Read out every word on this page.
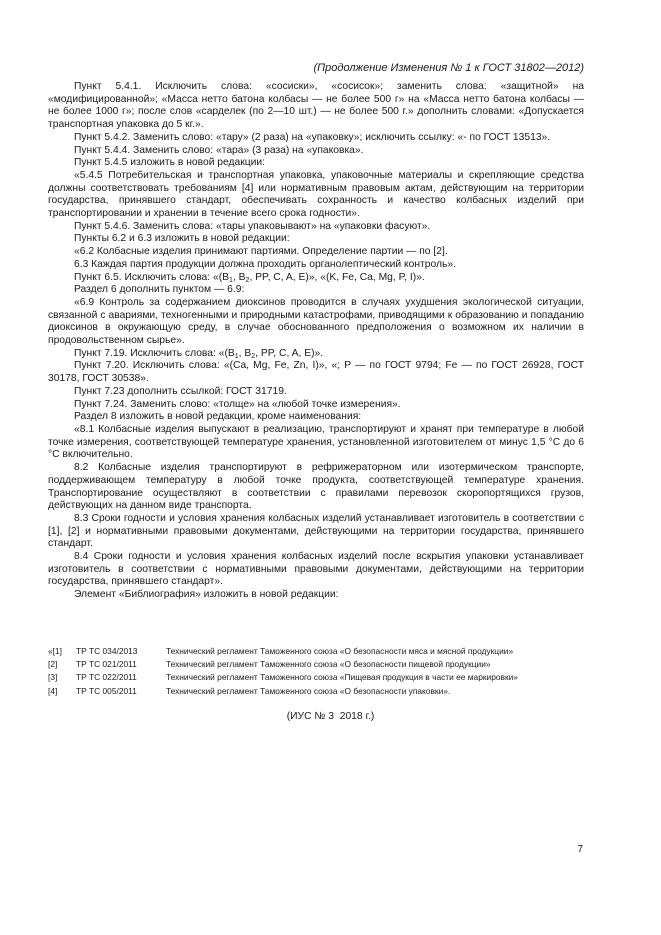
(Продолжение Изменения № 1 к ГОСТ 31802—2012)

Пункт 5.4.1. Исключить слова: «сосиски», «сосисок»; заменить слова: «защитной» на «модифицированной»; «Масса нетто батона колбасы — не более 500 г» на «Масса нетто батона колбасы — не более 1000 г»; после слов «сарделек (по 2—10 шт.) — не более 500 г.» дополнить словами: «Допускается транспортная упаковка до 5 кг.».

Пункт 5.4.2. Заменить слово: «тару» (2 раза) на «упаковку»; исключить ссылку: «- по ГОСТ 13513».

Пункт 5.4.4. Заменить слово: «тара» (3 раза) на «упаковка».

Пункт 5.4.5 изложить в новой редакции:

«5.4.5 Потребительская и транспортная упаковка, упаковочные материалы и скрепляющие средства должны соответствовать требованиям [4] или нормативным правовым актам, действующим на территории государства, принявшего стандарт, обеспечивать сохранность и качество колбасных изделий при транспортировании и хранении в течение всего срока годности».

Пункт 5.4.6. Заменить слова: «тары упаковывают» на «упаковки фасуют».

Пункты 6.2 и 6.3 изложить в новой редакции:

«6.2 Колбасные изделия принимают партиями. Определение партии — по [2].

6.3 Каждая партия продукции должна проходить органолептический контроль».

Пункт 6.5. Исключить слова: «($B_1$, $B_2$, PP, C, A, E)», «(K, Fe, Ca, Mg, P, I)».

Раздел 6 дополнить пунктом — 6.9:

«6.9 Контроль за содержанием диоксинов проводится в случаях ухудшения экологической ситуации, связанной с авариями, техногенными и природными катастрофами, приводящими к образованию и попаданию диоксинов в окружающую среду, в случае обоснованного предположения о возможном их наличии в продовольственном сырье».

Пункт 7.19. Исключить слова: «($B_1$, $B_2$, PP, C, A, E)».

Пункт 7.20. Исключить слова: «(Ca, Mg, Fe, Zn, I)», «; P — по ГОСТ 9794; Fe — по ГОСТ 26928, ГОСТ 30178, ГОСТ 30538».

Пункт 7.23 дополнить ссылкой: ГОСТ 31719.

Пункт 7.24. Заменить слово: «толще» на «любой точке измерения».

Раздел 8 изложить в новой редакции, кроме наименования:

«8.1 Колбасные изделия выпускают в реализацию, транспортируют и хранят при температуре в любой точке измерения, соответствующей температуре хранения, установленной изготовителем от минус 1,5 °С до 6 °С включительно.

8.2 Колбасные изделия транспортируют в рефрижераторном или изотермическом транспорте, поддерживающем температуру в любой точке продукта, соответствующей температуре хранения. Транспортирование осуществляют в соответствии с правилами перевозок скоропортящихся грузов, действующих на данном виде транспорта.

8.3 Сроки годности и условия хранения колбасных изделий устанавливает изготовитель в соответствии с [1], [2] и нормативными правовыми документами, действующими на территории государства, принявшего стандарт.

8.4 Сроки годности и условия хранения колбасных изделий после вскрытия упаковки устанавливает изготовитель в соответствии с нормативными правовыми документами, действующими на территории государства, принявшего стандарт».

Элемент «Библиография» изложить в новой редакции:

«[1]	ТР ТС 034/2013	Технический регламент Таможенного союза «О безопасности мяса и мясной продукции»
[2]	ТР ТС 021/2011	Технический регламент Таможенного союза «О безопасности пищевой продукции»
[3]	ТР ТС 022/2011	Технический регламент Таможенного союза «Пищевая продукция в части ее маркировки»
[4]	ТР ТС 005/2011	Технический регламент Таможенного союза «О безопасности упаковки».
(ИУС № 3  2018 г.)
7
